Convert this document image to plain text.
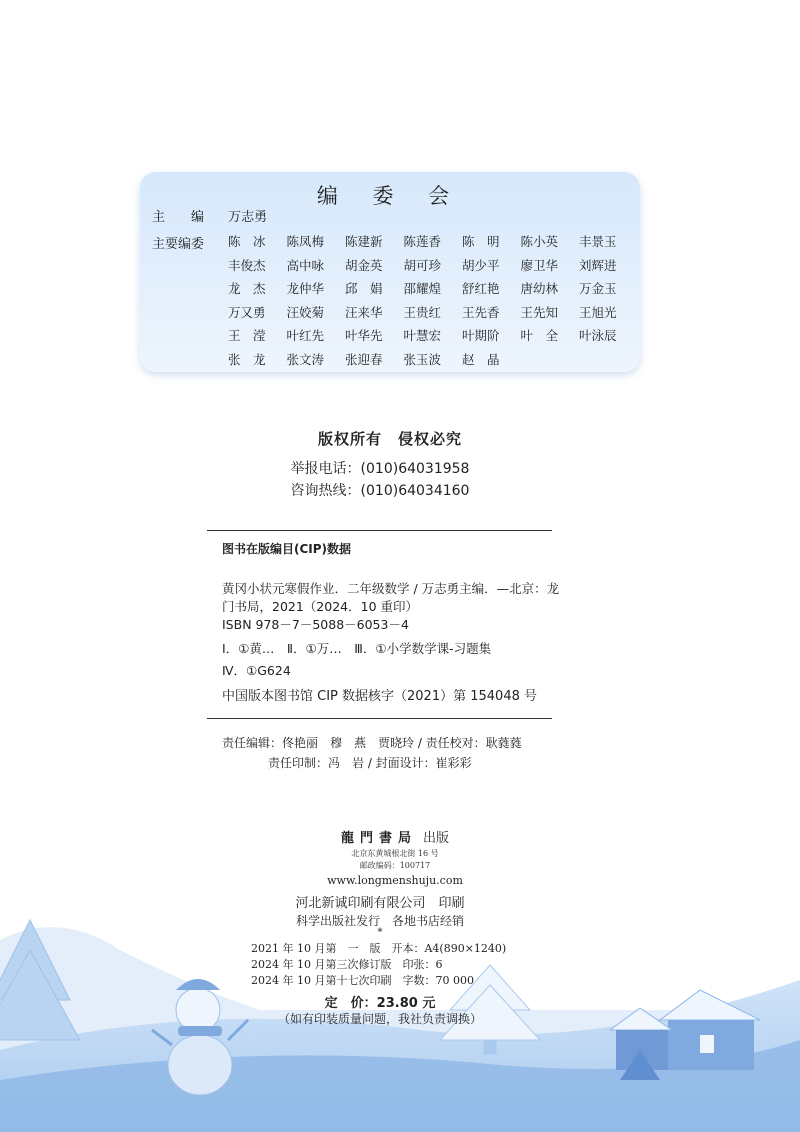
编 委 会
主　　编 万志勇
主要编委 陈　冰	陈凤梅	陈建新	陈莲香	陈　明	陈小英	丰景玉
丰俊杰	高中咏	胡金英	胡可珍	胡少平	廖卫华	刘辉进
龙　杰	龙仲华	邱　娟	邵耀煌	舒红艳	唐幼林	万金玉
万又勇	汪姣菊	汪来华	王贵红	王先香	王先知	王旭光
王　滢	叶红先	叶华先	叶慧宏	叶期阶	叶　全	叶泳辰
张　龙	张文涛	张迎春	张玉波	赵　晶
版权所有　侵权必究
举报电话：(010)64031958
咨询热线：(010)64034160
图书在版编目(CIP)数据
黄冈小状元寒假作业．二年级数学 / 万志勇主编．—北京：龙门书局，2021（2024．10 重印）
ISBN 978－7－5088－6053－4
Ⅰ．①黄…　Ⅱ．①万…　Ⅲ．①小学数学课-习题集
Ⅳ．①G624
中国版本图书馆 CIP 数据核字（2021）第 154048 号
责任编辑：佟艳丽　穆　燕　贾晓玲 / 责任校对：耿蕤蕤
责任印制：冯　岩 / 封面设计：崔彩彩
龍門書局 出版
北京东黄城根北街 16 号
邮政编码：100717
www.longmenshuju.com
河北新诚印刷有限公司　印刷
科学出版社发行　各地书店经销
*
2021 年 10 月第　一　版　开本：A4(890×1240)
2024 年 10 月第三次修订版　印张：6
2024 年 10 月第十七次印刷　字数：70 000
定　价：23.80 元
（如有印装质量问题，我社负责调换）
